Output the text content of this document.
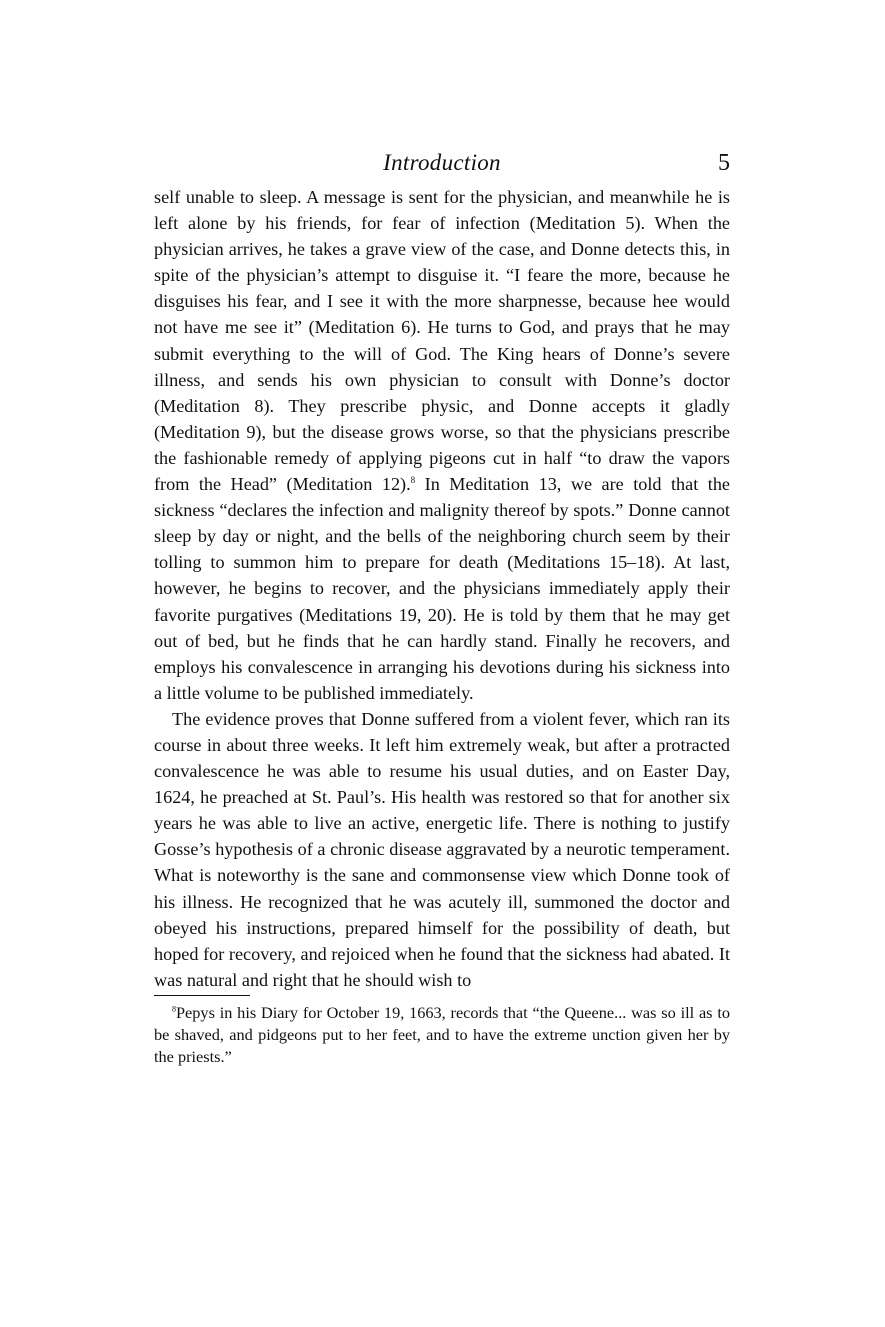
Introduction	5

self unable to sleep. A message is sent for the physician, and meanwhile he is left alone by his friends, for fear of infection (Meditation 5). When the physician arrives, he takes a grave view of the case, and Donne detects this, in spite of the physician’s attempt to disguise it. “I feare the more, because he disguises his fear, and I see it with the more sharpnesse, because hee would not have me see it” (Meditation 6). He turns to God, and prays that he may submit everything to the will of God. The King hears of Donne’s severe illness, and sends his own physician to consult with Donne’s doctor (Meditation 8). They prescribe physic, and Donne accepts it gladly (Meditation 9), but the disease grows worse, so that the physicians prescribe the fashionable remedy of applying pigeons cut in half “to draw the vapors from the Head” (Meditation 12).$^8$ In Meditation 13, we are told that the sickness “declares the infection and malignity thereof by spots.” Donne cannot sleep by day or night, and the bells of the neighboring church seem by their tolling to summon him to prepare for death (Meditations 15–18). At last, however, he begins to recover, and the physicians immediately apply their favorite purgatives (Meditations 19, 20). He is told by them that he may get out of bed, but he finds that he can hardly stand. Finally he recovers, and employs his convalescence in arranging his devotions during his sickness into a little volume to be published immediately.

The evidence proves that Donne suffered from a violent fever, which ran its course in about three weeks. It left him extremely weak, but after a protracted convalescence he was able to resume his usual duties, and on Easter Day, 1624, he preached at St. Paul’s. His health was restored so that for another six years he was able to live an active, energetic life. There is nothing to justify Gosse’s hypothesis of a chronic disease aggravated by a neurotic temperament. What is noteworthy is the sane and commonsense view which Donne took of his illness. He recognized that he was acutely ill, summoned the doctor and obeyed his instructions, prepared himself for the possibility of death, but hoped for recovery, and rejoiced when he found that the sickness had abated. It was natural and right that he should wish to

$^8$Pepys in his Diary for October 19, 1663, records that “the Queene... was so ill as to be shaved, and pidgeons put to her feet, and to have the extreme unction given her by the priests.”
